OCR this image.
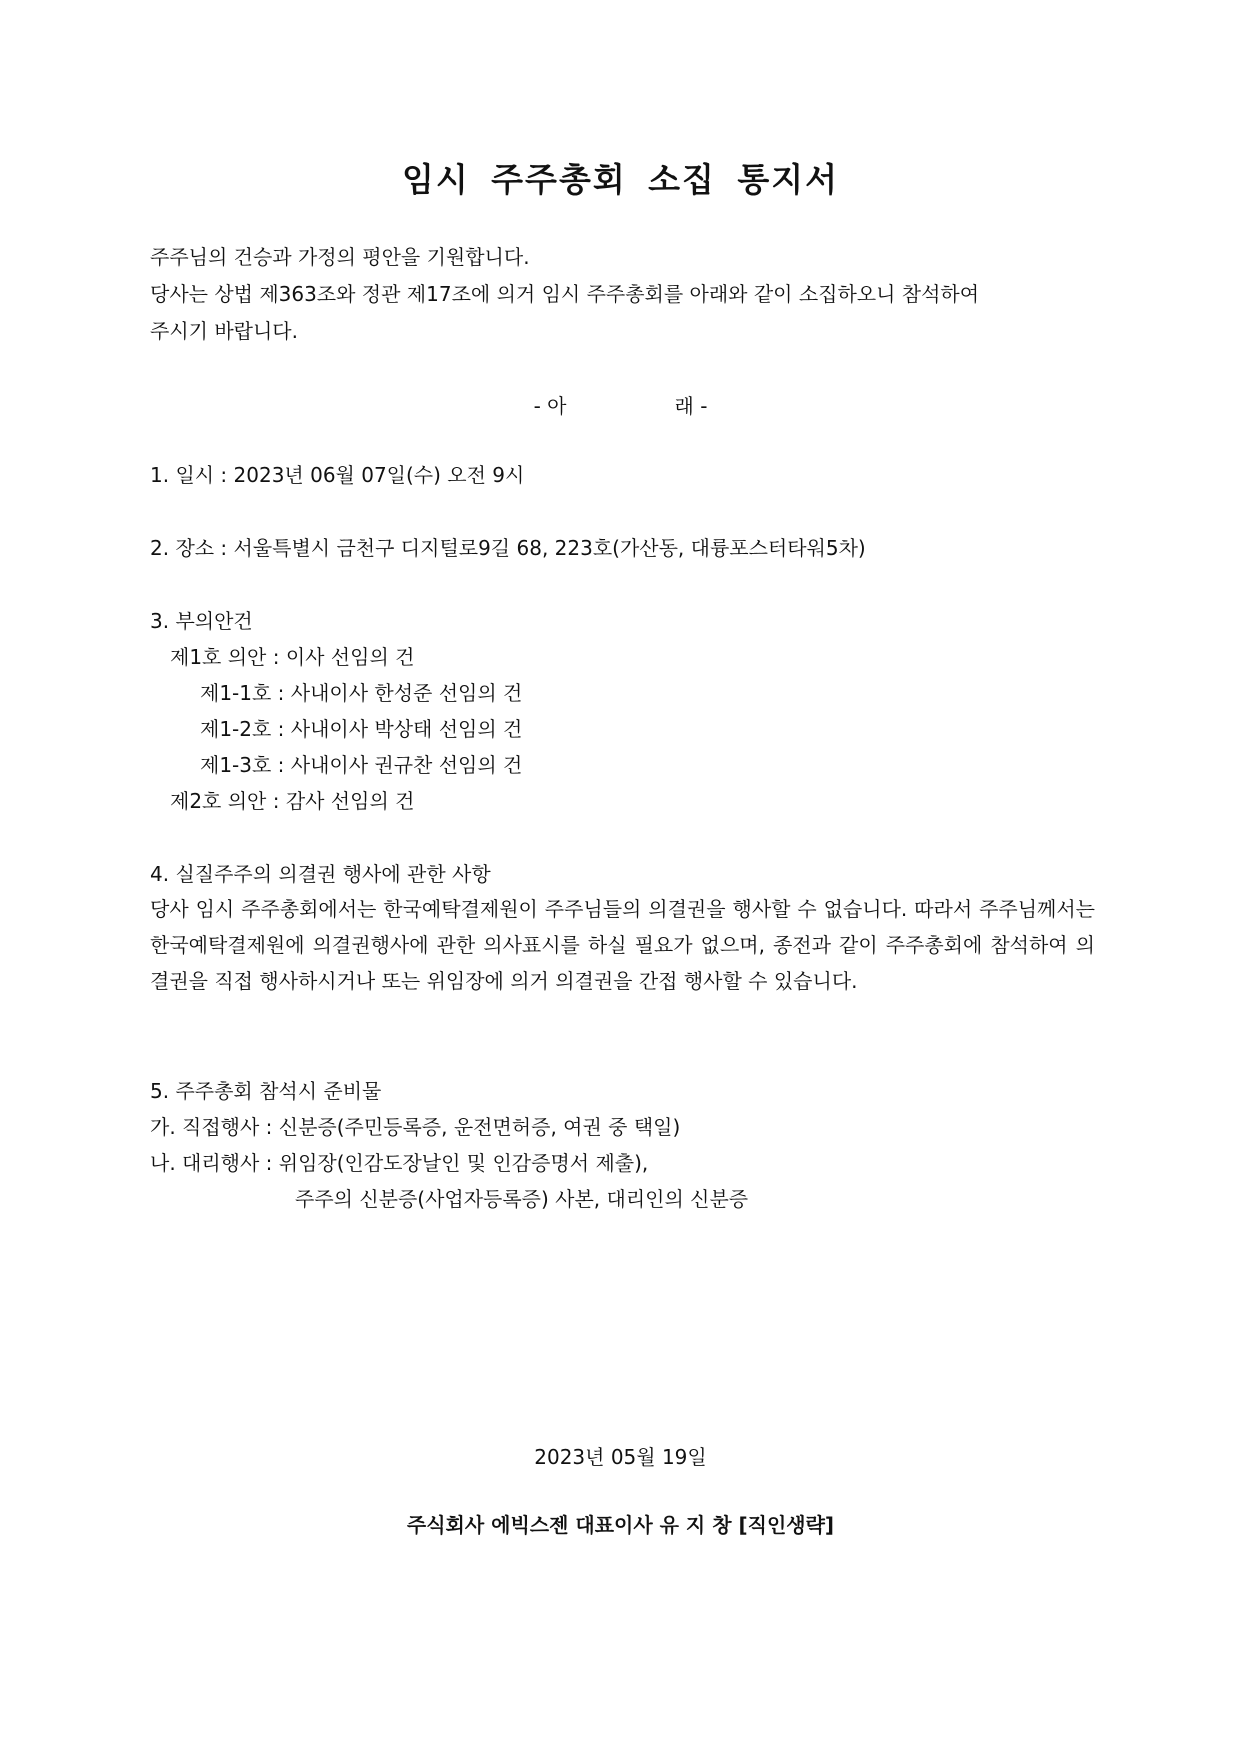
임시 주주총회 소집 통지서
주주님의 건승과 가정의 평안을 기원합니다.
당사는 상법 제363조와 정관 제17조에 의거 임시 주주총회를 아래와 같이 소집하오니 참석하여
주시기 바랍니다.
- 아                 래 -
1. 일시 : 2023년 06월 07일(수) 오전 9시
2. 장소 : 서울특별시 금천구 디지털로9길 68, 223호(가산동, 대륭포스터타워5차)
3. 부의안건
제1호 의안 : 이사 선임의 건
제1-1호 : 사내이사 한성준 선임의 건
제1-2호 : 사내이사 박상태 선임의 건
제1-3호 : 사내이사 권규찬 선임의 건
제2호 의안 : 감사 선임의 건
4. 실질주주의 의결권 행사에 관한 사항
당사 임시 주주총회에서는 한국예탁결제원이 주주님들의 의결권을 행사할 수 없습니다. 따라서 주주님께서는 한국예탁결제원에 의결권행사에 관한 의사표시를 하실 필요가 없으며, 종전과 같이 주주총회에 참석하여 의결권을 직접 행사하시거나 또는 위임장에 의거 의결권을 간접 행사할 수 있습니다.
5. 주주총회 참석시 준비물
가. 직접행사 : 신분증(주민등록증, 운전면허증, 여권 중 택일)
나. 대리행사 : 위임장(인감도장날인 및 인감증명서 제출),
주주의 신분증(사업자등록증) 사본, 대리인의 신분증
2023년 05월 19일
주식회사 에빅스젠 대표이사 유 지 창 [직인생략]
